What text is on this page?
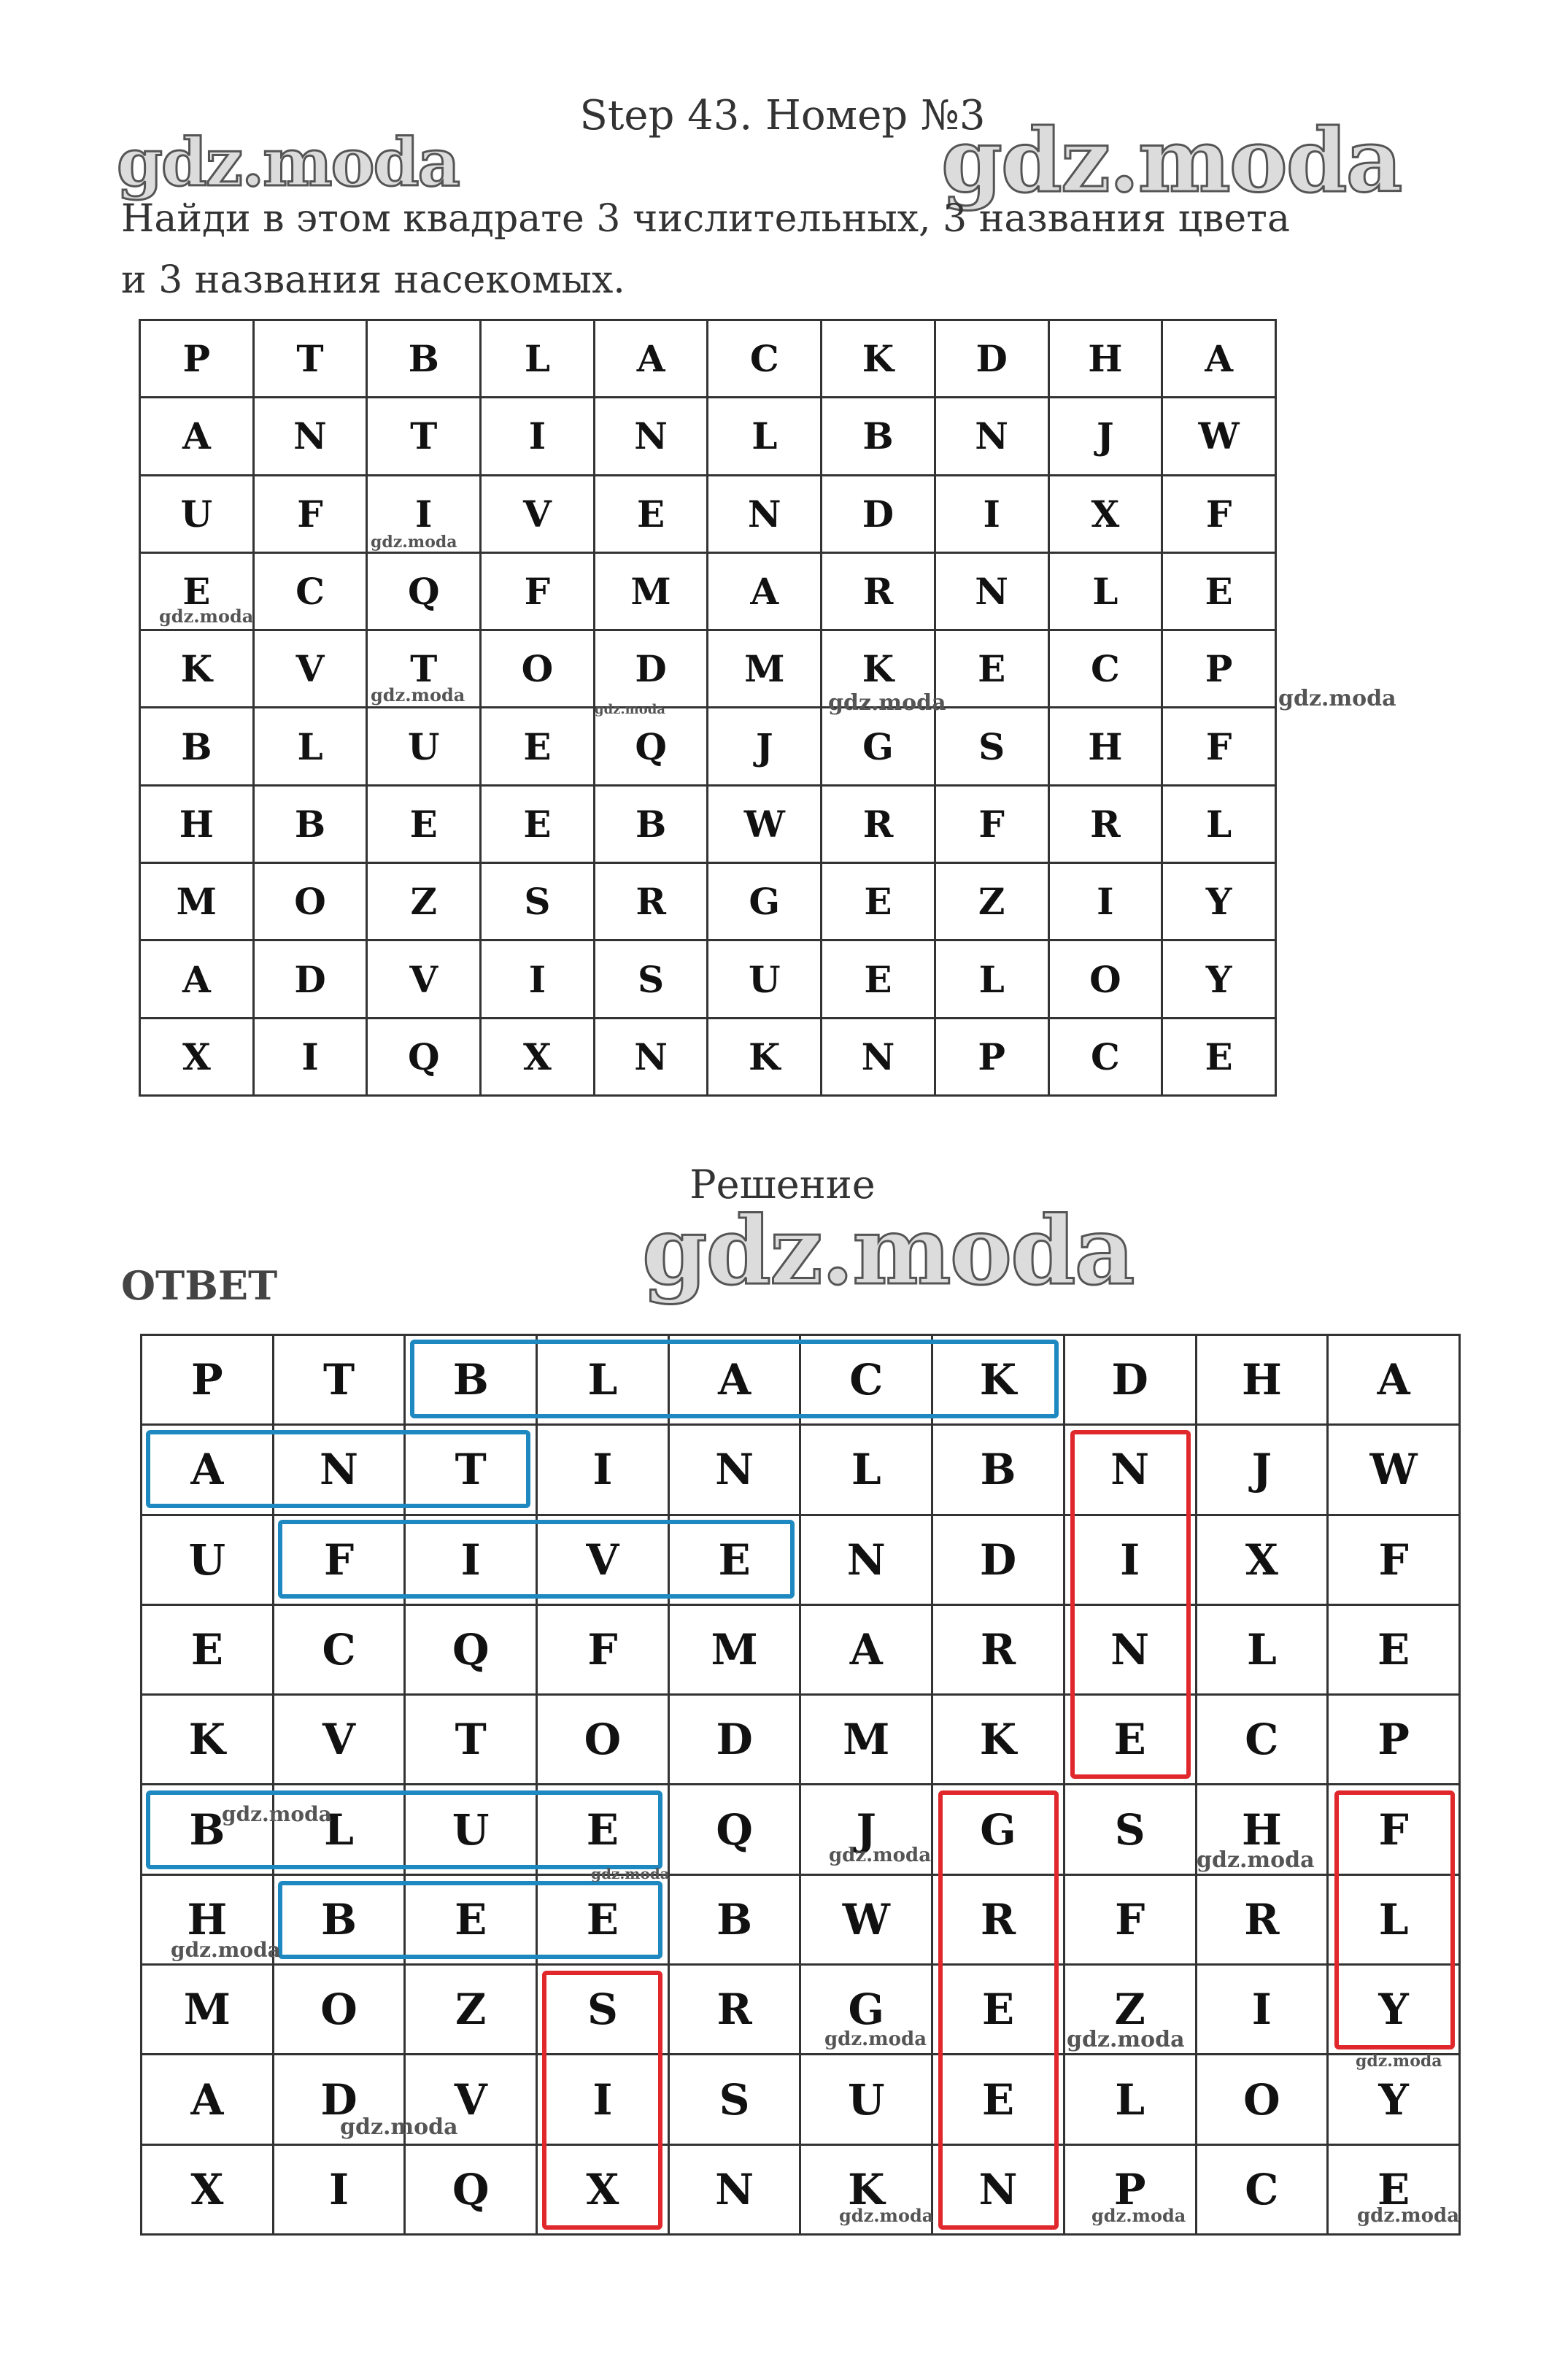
gdz.moda	gdz.moda
gdz.moda
Step 43. Номер №3
Найди в этом квадрате 3 числительных, 3 названия цвета
и 3 названия насекомых.
P	T	B	L	A	C	K	D	H	A
A	N	T	I	N	L	B	N	J	W
U	F	I	V	E	N	D	I	X	F
E	C	Q	F	M	A	R	N	L	E
K	V	T	O	D	M	K	E	C	P
B	L	U	E	Q	J	G	S	H	F
H	B	E	E	B	W	R	F	R	L
M	O	Z	S	R	G	E	Z	I	Y
A	D	V	I	S	U	E	L	O	Y
X	I	Q	X	N	K	N	P	C	E
Решение
ОТВЕТ
P	T	B	L	A	C	K	D	H	A
A	N	T	I	N	L	B	N	J	W
U	F	I	V	E	N	D	I	X	F
E	C	Q	F	M	A	R	N	L	E
K	V	T	O	D	M	K	E	C	P
B	L	U	E	Q	J	G	S	H	F
H	B	E	E	B	W	R	F	R	L
M	O	Z	S	R	G	E	Z	I	Y
A	D	V	I	S	U	E	L	O	Y
X	I	Q	X	N	K	N	P	C	E
gdz.moda
gdz.moda
gdz.moda
gdz.moda	gdz.moda	gdz.moda
gdz.moda
gdz.moda
gdz.moda	gdz.moda
gdz.moda
gdz.moda	gdz.moda
gdz.moda
gdz.moda
gdz.moda	gdz.moda	gdz.moda
